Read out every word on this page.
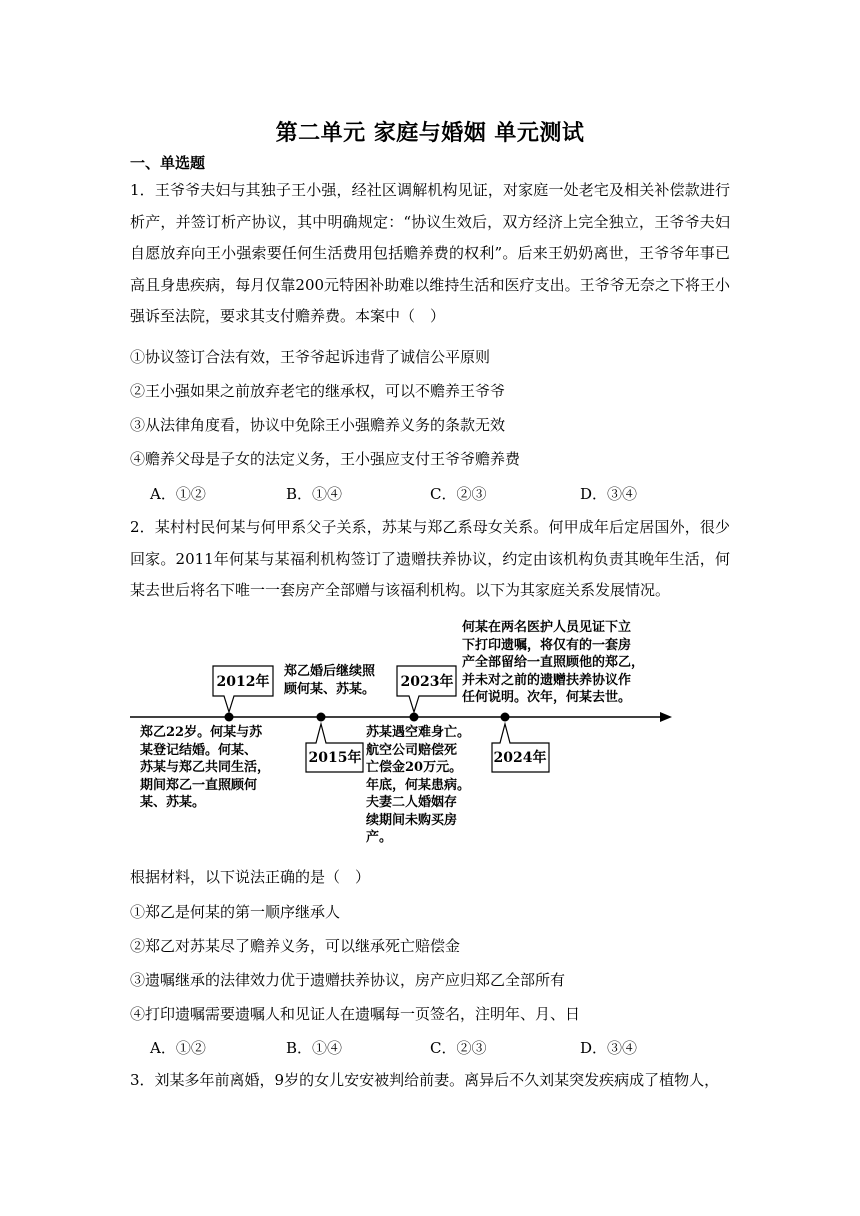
第二单元 家庭与婚姻 单元测试
一、单选题

1．王爷爷夫妇与其独子王小强，经社区调解机构见证，对家庭一处老宅及相关补偿款进行析产，并签订析产协议，其中明确规定：“协议生效后，双方经济上完全独立，王爷爷夫妇自愿放弃向王小强索要任何生活费用包括赡养费的权利”。后来王奶奶离世，王爷爷年事已高且身患疾病，每月仅靠200元特困补助难以维持生活和医疗支出。王爷爷无奈之下将王小强诉至法院，要求其支付赡养费。本案中（　）

①协议签订合法有效，王爷爷起诉违背了诚信公平原则
②王小强如果之前放弃老宅的继承权，可以不赡养王爷爷
③从法律角度看，协议中免除王小强赡养义务的条款无效
④赡养父母是子女的法定义务，王小强应支付王爷爷赡养费
A．①②	B．①④	C．②③	D．③④

2．某村村民何某与何甲系父子关系，苏某与郑乙系母女关系。何甲成年后定居国外，很少回家。2011年何某与某福利机构签订了遗赠扶养协议，约定由该机构负责其晚年生活，何某去世后将名下唯一一套房产全部赠与该福利机构。以下为其家庭关系发展情况。

2012年
2015年
2023年
2024年
郑乙22岁。何某与苏
某登记结婚。何某、
苏某与郑乙共同生活，
期间郑乙一直照顾何
某、苏某。
郑乙婚后继续照
顾何某、苏某。
苏某遇空难身亡。
航空公司赔偿死
亡偿金20万元。
年底，何某患病。
夫妻二人婚姻存
续期间未购买房
产。
何某在两名医护人员见证下立
下打印遗嘱，将仅有的一套房
产全部留给一直照顾他的郑乙，
并未对之前的遗赠扶养协议作
任何说明。次年，何某去世。
根据材料，以下说法正确的是（　）
①郑乙是何某的第一顺序继承人
②郑乙对苏某尽了赡养义务，可以继承死亡赔偿金
③遗嘱继承的法律效力优于遗赠扶养协议，房产应归郑乙全部所有
④打印遗嘱需要遗嘱人和见证人在遗嘱每一页签名，注明年、月、日
A．①②	B．①④	C．②③	D．③④
3．刘某多年前离婚，9岁的女儿安安被判给前妻。离异后不久刘某突发疾病成了植物人，
